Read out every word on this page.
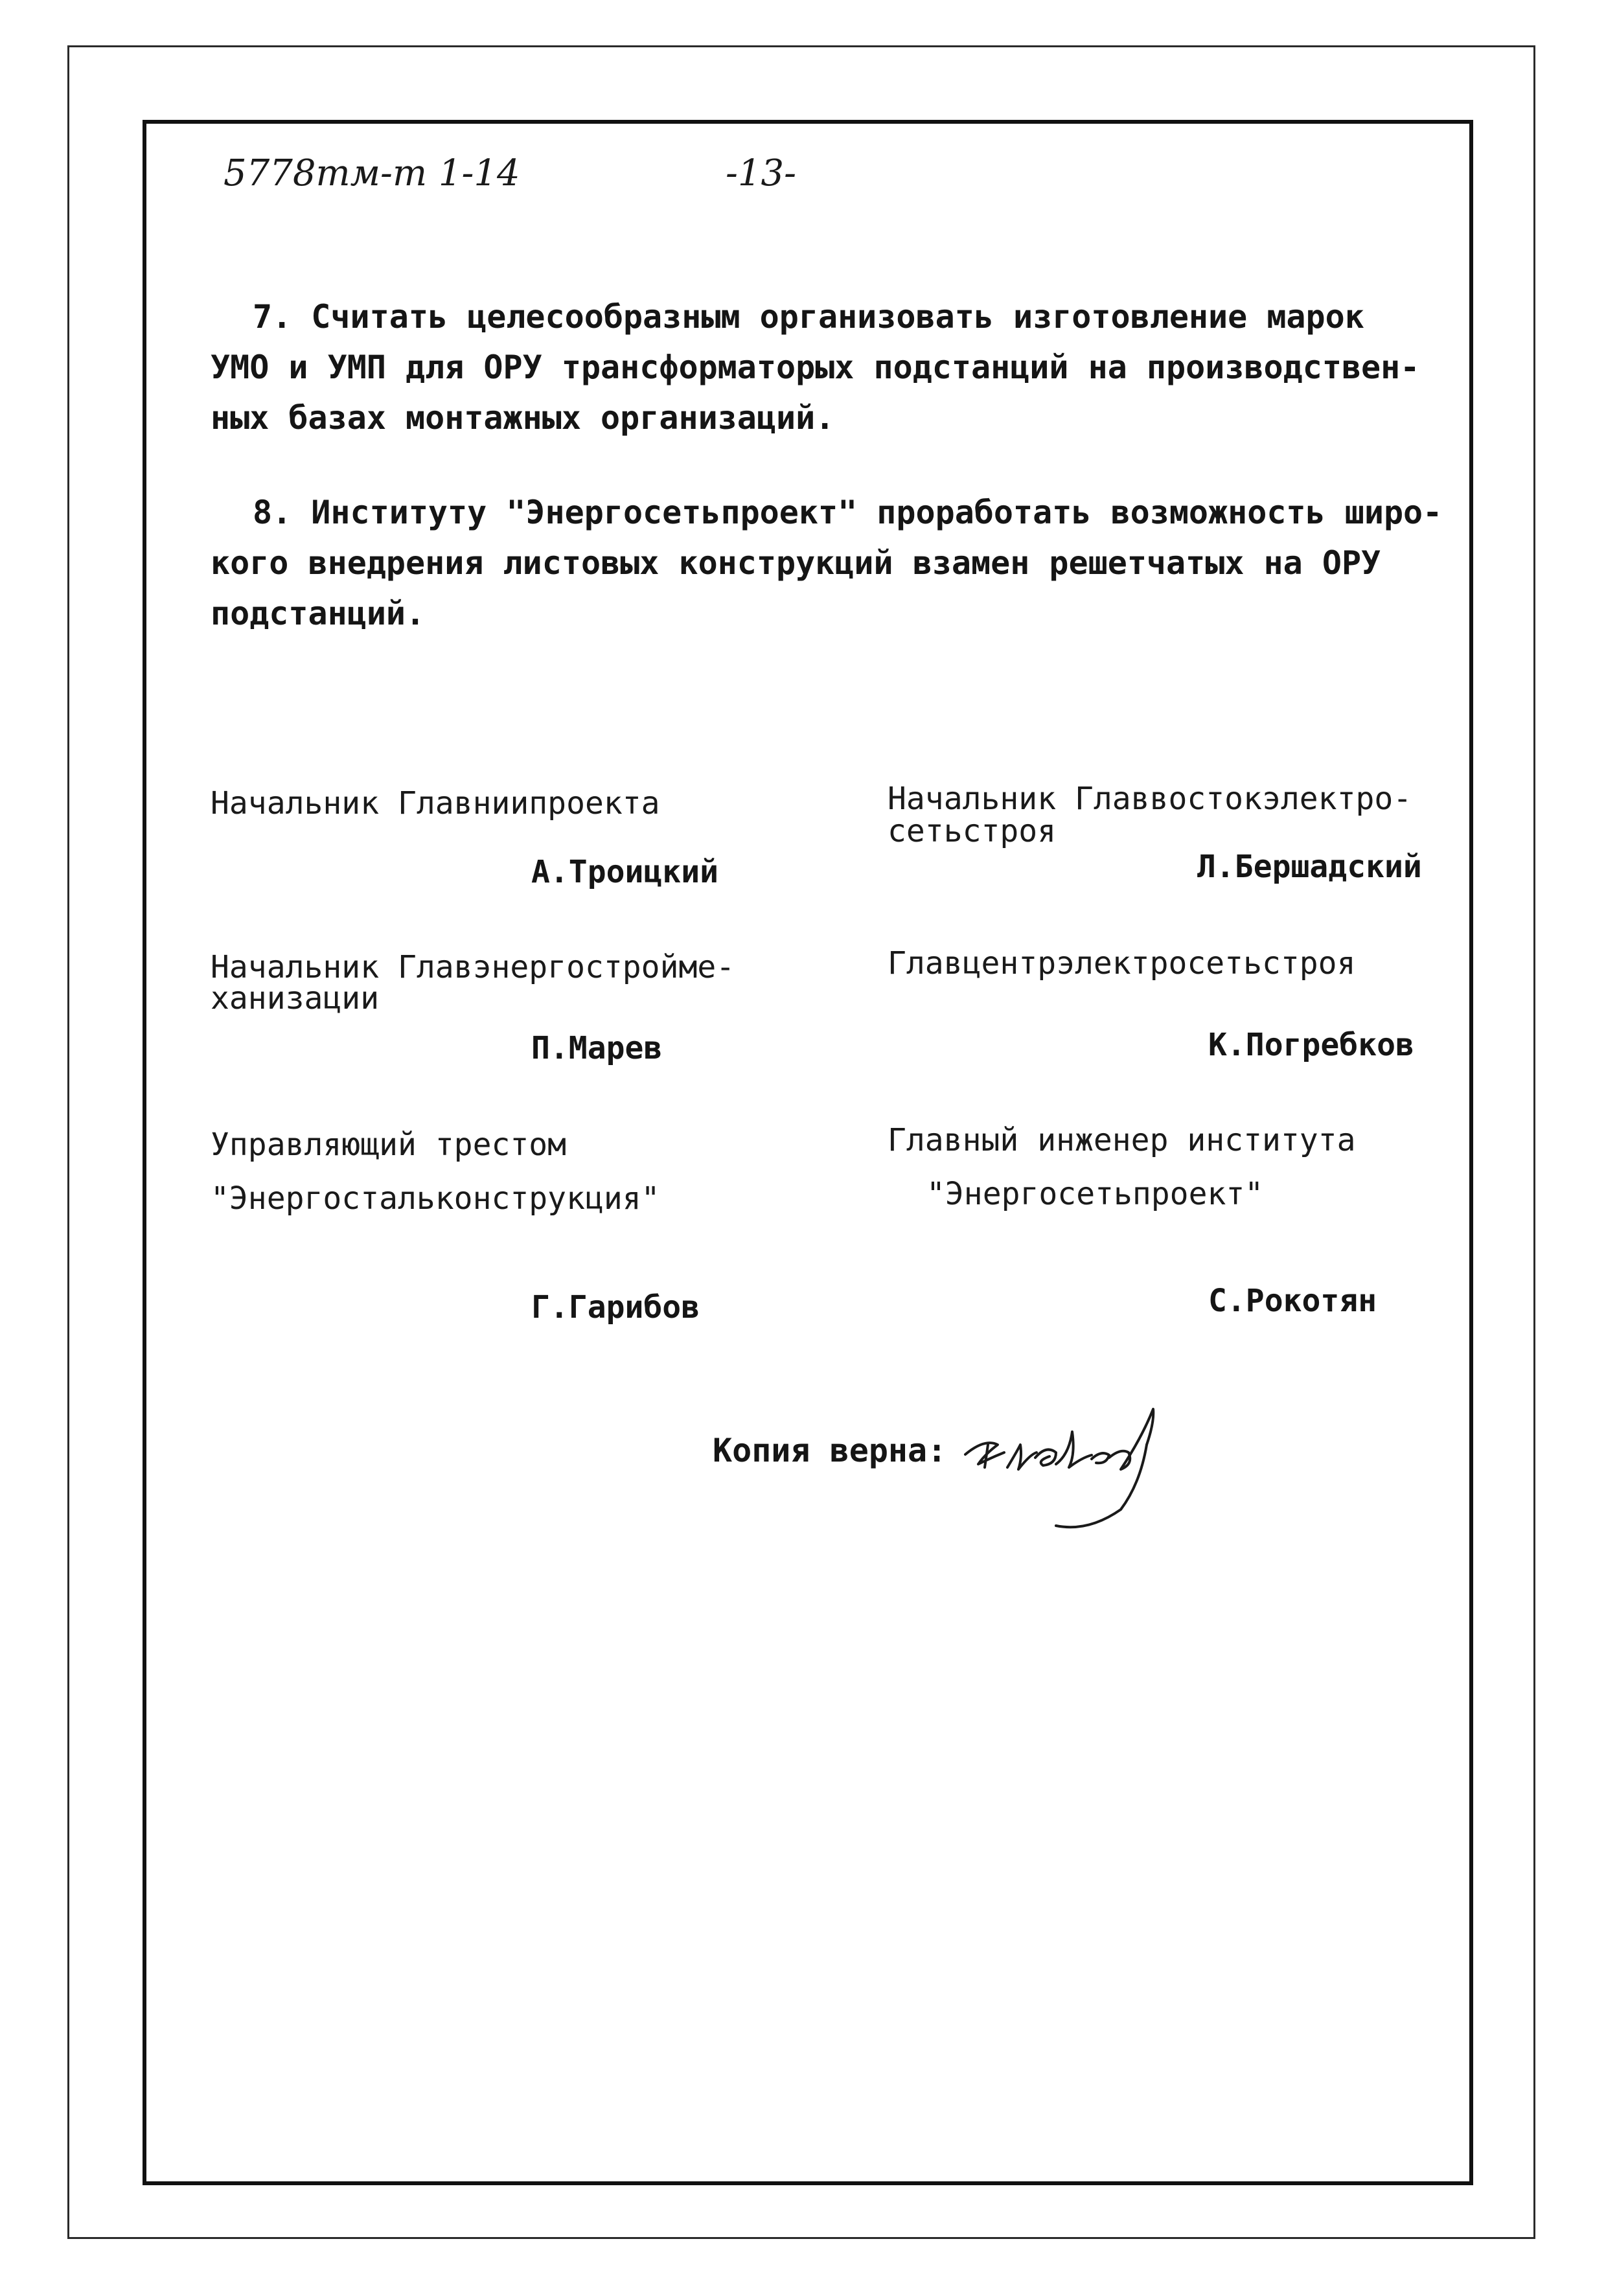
5778тм-т 1-14	-13-
7. Считать целесообразным организовать изготовление марок
УМО и УМП для ОРУ трансформаторых подстанций на производствен-
ных базах монтажных организаций.
8. Институту "Энергосетьпроект" проработать возможность широ-
кого внедрения листовых конструкций взамен решетчатых на ОРУ
подстанций.
Начальник Главниипроекта
А.Троицкий
Начальник Главвостокэлектро-
сетьстроя
Л.Бершадский
Начальник Главэнергостройме-
ханизации
П.Марев
Главцентрэлектросетьстроя
К.Погребков
Управляющий трестом
"Энергостальконструкция"
Г.Гарибов
Главный инженер института
"Энергосетьпроект"
С.Рокотян
Копия верна:
